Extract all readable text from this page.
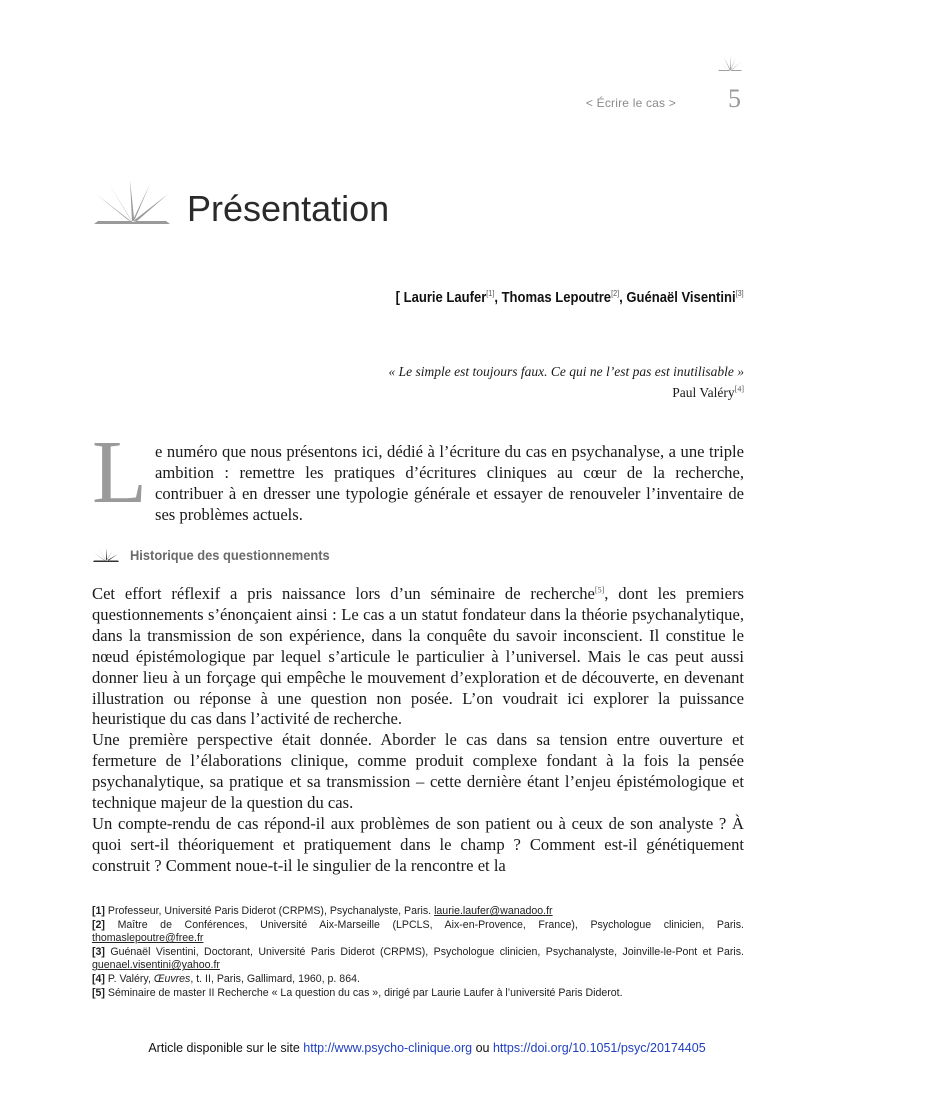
< Écrire le cas > 5
Présentation
[ Laurie Laufer[1], Thomas Lepoutre[2], Guénaël Visentini[3]
« Le simple est toujours faux. Ce qui ne l’est pas est inutilisable »
Paul Valéry[4]

Le numéro que nous présentons ici, dédié à l’écriture du cas en psychanalyse, a une triple ambition : remettre les pratiques d’écritures cliniques au cœur de la recherche, contribuer à en dresser une typologie générale et essayer de renouveler l’inventaire de ses problèmes actuels.

Historique des questionnements

Cet effort réflexif a pris naissance lors d’un séminaire de recherche[5], dont les premiers questionnements s’énonçaient ainsi : Le cas a un statut fondateur dans la théorie psychanalytique, dans la transmission de son expérience, dans la conquête du savoir inconscient. Il constitue le nœud épistémologique par lequel s’articule le particulier à l’universel. Mais le cas peut aussi donner lieu à un forçage qui empêche le mouvement d’exploration et de découverte, en devenant illustration ou réponse à une question non posée. L’on voudrait ici explorer la puissance heuristique du cas dans l’activité de recherche.

Une première perspective était donnée. Aborder le cas dans sa tension entre ouverture et fermeture de l’élaborations clinique, comme produit complexe fondant à la fois la pensée psychanalytique, sa pratique et sa transmission – cette dernière étant l’enjeu épistémologique et technique majeur de la question du cas.

Un compte-rendu de cas répond-il aux problèmes de son patient ou à ceux de son analyste ? À quoi sert-il théoriquement et pratiquement dans le champ ? Comment est-il génétiquement construit ? Comment noue-t-il le singulier de la rencontre et la

[1] Professeur, Université Paris Diderot (CRPMS), Psychanalyste, Paris. laurie.laufer@wanadoo.fr
[2] Maître de Conférences, Université Aix-Marseille (LPCLS, Aix-en-Provence, France), Psychologue clinicien, Paris. thomaslepoutre@free.fr
[3] Guénaël Visentini, Doctorant, Université Paris Diderot (CRPMS), Psychologue clinicien, Psychanalyste, Joinville-le-Pont et Paris. guenael.visentini@yahoo.fr
[4] P. Valéry, Œuvres, t. II, Paris, Gallimard, 1960, p. 864.
[5] Séminaire de master II Recherche « La question du cas », dirigé par Laurie Laufer à l’université Paris Diderot.
Article disponible sur le site http://www.psycho-clinique.org ou https://doi.org/10.1051/psyc/20174405
